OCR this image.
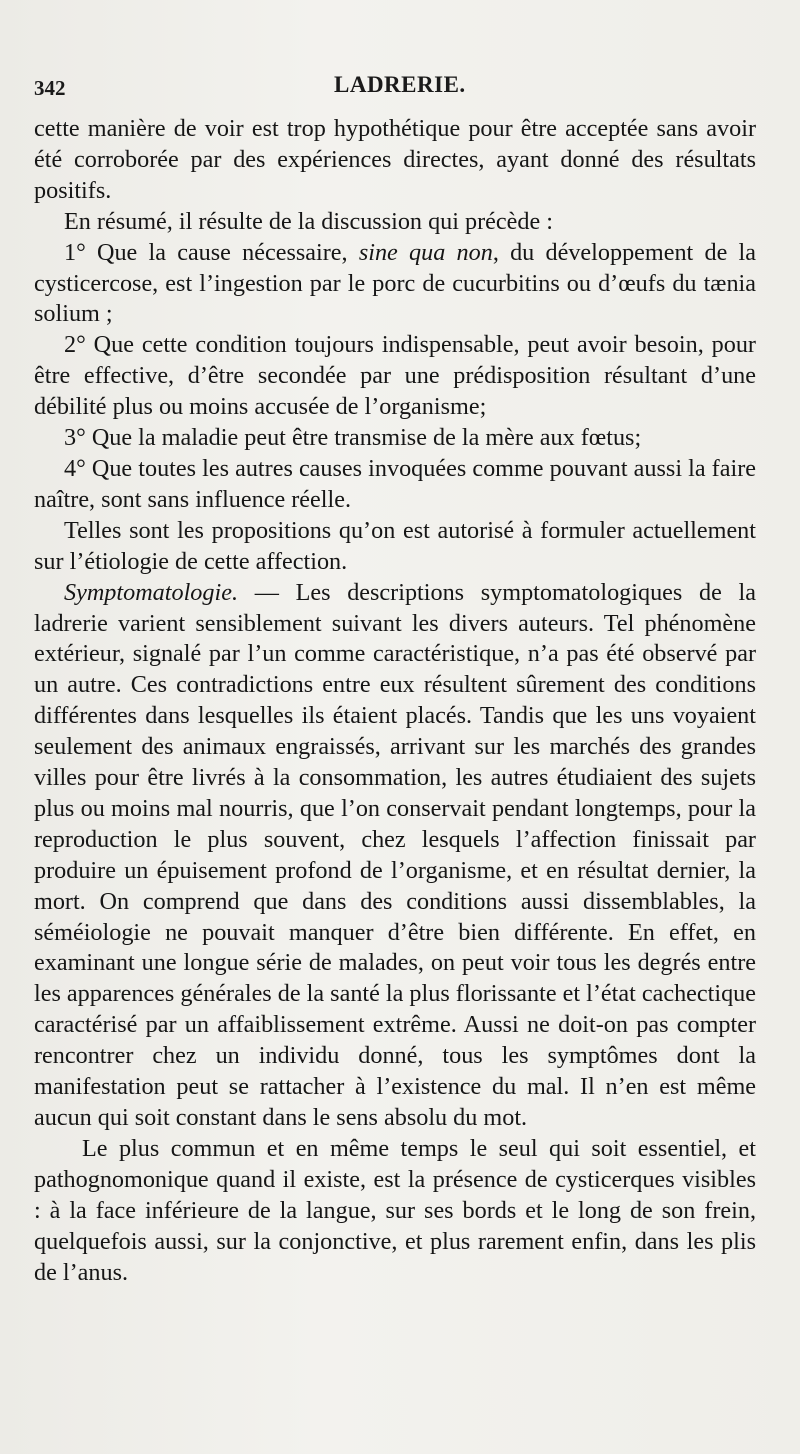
342	LADRERIE.

cette manière de voir est trop hypothétique pour être acceptée sans avoir été corroborée par des expériences directes, ayant donné des résultats positifs.

En résumé, il résulte de la discussion qui précède :

1° Que la cause nécessaire, sine qua non, du développement de la cysticercose, est l’ingestion par le porc de cucurbitins ou d’œufs du tænia solium ;

2° Que cette condition toujours indispensable, peut avoir besoin, pour être effective, d’être secondée par une prédisposition résultant d’une débilité plus ou moins accusée de l’organisme;

3° Que la maladie peut être transmise de la mère aux fœtus;

4° Que toutes les autres causes invoquées comme pouvant aussi la faire naître, sont sans influence réelle.

Telles sont les propositions qu’on est autorisé à formuler actuellement sur l’étiologie de cette affection.

Symptomatologie. — Les descriptions symptomatologiques de la ladrerie varient sensiblement suivant les divers auteurs. Tel phénomène extérieur, signalé par l’un comme caractéristique, n’a pas été observé par un autre. Ces contradictions entre eux résultent sûrement des conditions différentes dans lesquelles ils étaient placés. Tandis que les uns voyaient seulement des animaux engraissés, arrivant sur les marchés des grandes villes pour être livrés à la consommation, les autres étudiaient des sujets plus ou moins mal nourris, que l’on conservait pendant longtemps, pour la reproduction le plus souvent, chez lesquels l’affection finissait par produire un épuisement profond de l’organisme, et en résultat dernier, la mort. On comprend que dans des conditions aussi dissemblables, la séméiologie ne pouvait manquer d’être bien différente. En effet, en examinant une longue série de malades, on peut voir tous les degrés entre les apparences générales de la santé la plus florissante et l’état cachectique caractérisé par un affaiblissement extrême. Aussi ne doit-on pas compter rencontrer chez un individu donné, tous les symptômes dont la manifestation peut se rattacher à l’existence du mal. Il n’en est même aucun qui soit constant dans le sens absolu du mot.

Le plus commun et en même temps le seul qui soit essentiel, et pathognomonique quand il existe, est la présence de cysticerques visibles : à la face inférieure de la langue, sur ses bords et le long de son frein, quelquefois aussi, sur la conjonctive, et plus rarement enfin, dans les plis de l’anus.
